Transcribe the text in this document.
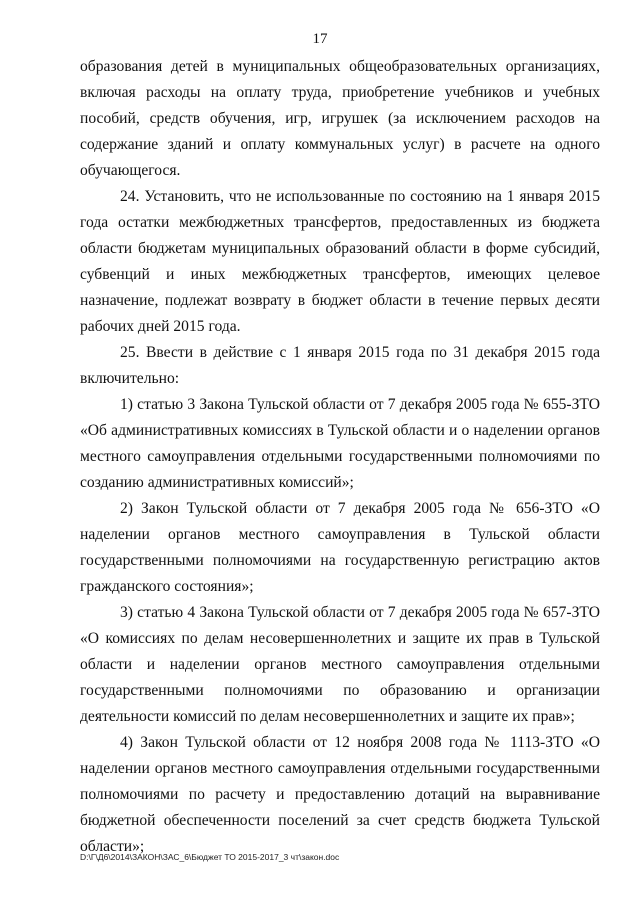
17

образования детей в муниципальных общеобразовательных организациях, включая расходы на оплату труда, приобретение учебников и учебных пособий, средств обучения, игр, игрушек (за исключением расходов на содержание зданий и оплату коммунальных услуг) в расчете на одного обучающегося.

24. Установить, что не использованные по состоянию на 1 января 2015 года остатки межбюджетных трансфертов, предоставленных из бюджета области бюджетам муниципальных образований области в форме субсидий, субвенций и иных межбюджетных трансфертов, имеющих целевое назначение, подлежат возврату в бюджет области в течение первых десяти рабочих дней 2015 года.

25. Ввести в действие с 1 января 2015 года по 31 декабря 2015 года включительно:

1) статью 3 Закона Тульской области от 7 декабря 2005 года № 655-ЗТО «Об административных комиссиях в Тульской области и о наделении органов местного самоуправления отдельными государственными полномочиями по созданию административных комиссий»;

2) Закон Тульской области от 7 декабря 2005 года № 656-ЗТО «О наделении органов местного самоуправления в Тульской области государственными полномочиями на государственную регистрацию актов гражданского состояния»;

3) статью 4 Закона Тульской области от 7 декабря 2005 года № 657-ЗТО «О комиссиях по делам несовершеннолетних и защите их прав в Тульской области и наделении органов местного самоуправления отдельными государственными полномочиями по образованию и организации деятельности комиссий по делам несовершеннолетних и защите их прав»;

4) Закон Тульской области от 12 ноября 2008 года № 1113-ЗТО «О наделении органов местного самоуправления отдельными государственными полномочиями по расчету и предоставлению дотаций на выравнивание бюджетной обеспеченности поселений за счет средств бюджета Тульской области»;

D:\Г\Д6\2014\ЗАКОН\ЗАС_6\Бюджет ТО 2015-2017_3 чт\закон.doc
